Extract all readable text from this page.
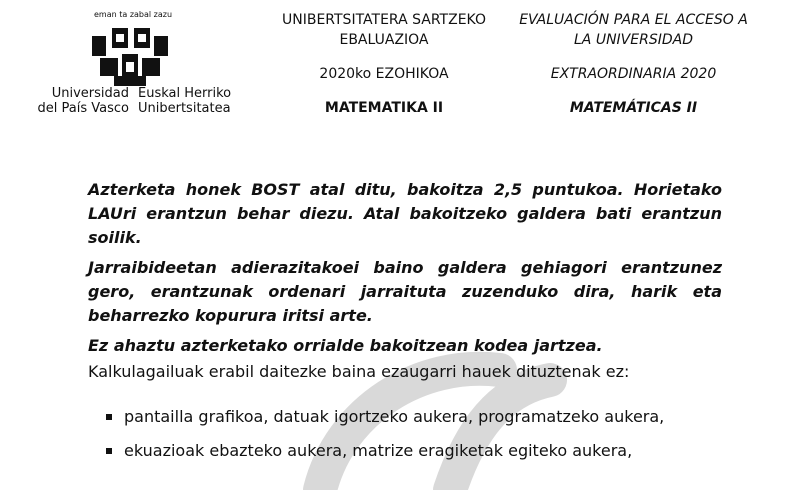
eman ta zabal zazu
Universidad
del País Vasco
Euskal Herriko
Unibertsitatea
UNIBERTSITATERA SARTZEKO
EBALUAZIOA
2020ko EZOHIKOA
MATEMATIKA II
EVALUACIÓN PARA EL ACCESO A
LA UNIVERSIDAD
EXTRAORDINARIA 2020
MATEMÁTICAS II

Azterketa honek BOST atal ditu, bakoitza 2,5 puntukoa. Horietako LAUri erantzun behar diezu. Atal bakoitzeko galdera bati erantzun soilik.

Jarraibideetan adierazitakoei baino galdera gehiagori erantzunez gero, erantzunak ordenari jarraituta zuzenduko dira, harik eta beharrezko kopurura iritsi arte.

Ez ahaztu azterketako orrialde bakoitzean kodea jartzea.

Kalkulagailuak erabil daitezke baina ezaugarri hauek dituztenak ez:
pantailla grafikoa, datuak igortzeko aukera, programatzeko aukera,
ekuazioak ebazteko aukera, matrize eragiketak egiteko aukera,
